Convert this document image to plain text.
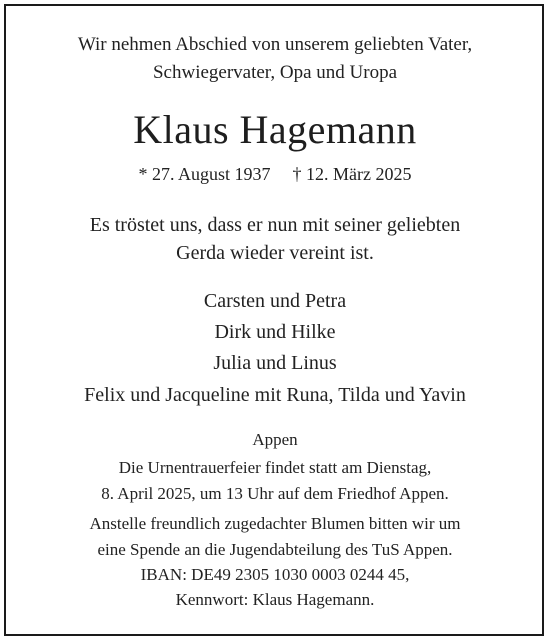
Wir nehmen Abschied von unserem geliebten Vater,
Schwiegervater, Opa und Uropa
Klaus Hagemann
* 27. August 1937 † 12. März 2025
Es tröstet uns, dass er nun mit seiner geliebten
Gerda wieder vereint ist.
Carsten und Petra
Dirk und Hilke
Julia und Linus
Felix und Jacqueline mit Runa, Tilda und Yavin
Appen
Die Urnentrauerfeier findet statt am Dienstag,
8. April 2025, um 13 Uhr auf dem Friedhof Appen.
Anstelle freundlich zugedachter Blumen bitten wir um
eine Spende an die Jugendabteilung des TuS Appen.
IBAN: DE49 2305 1030 0003 0244 45,
Kennwort: Klaus Hagemann.
